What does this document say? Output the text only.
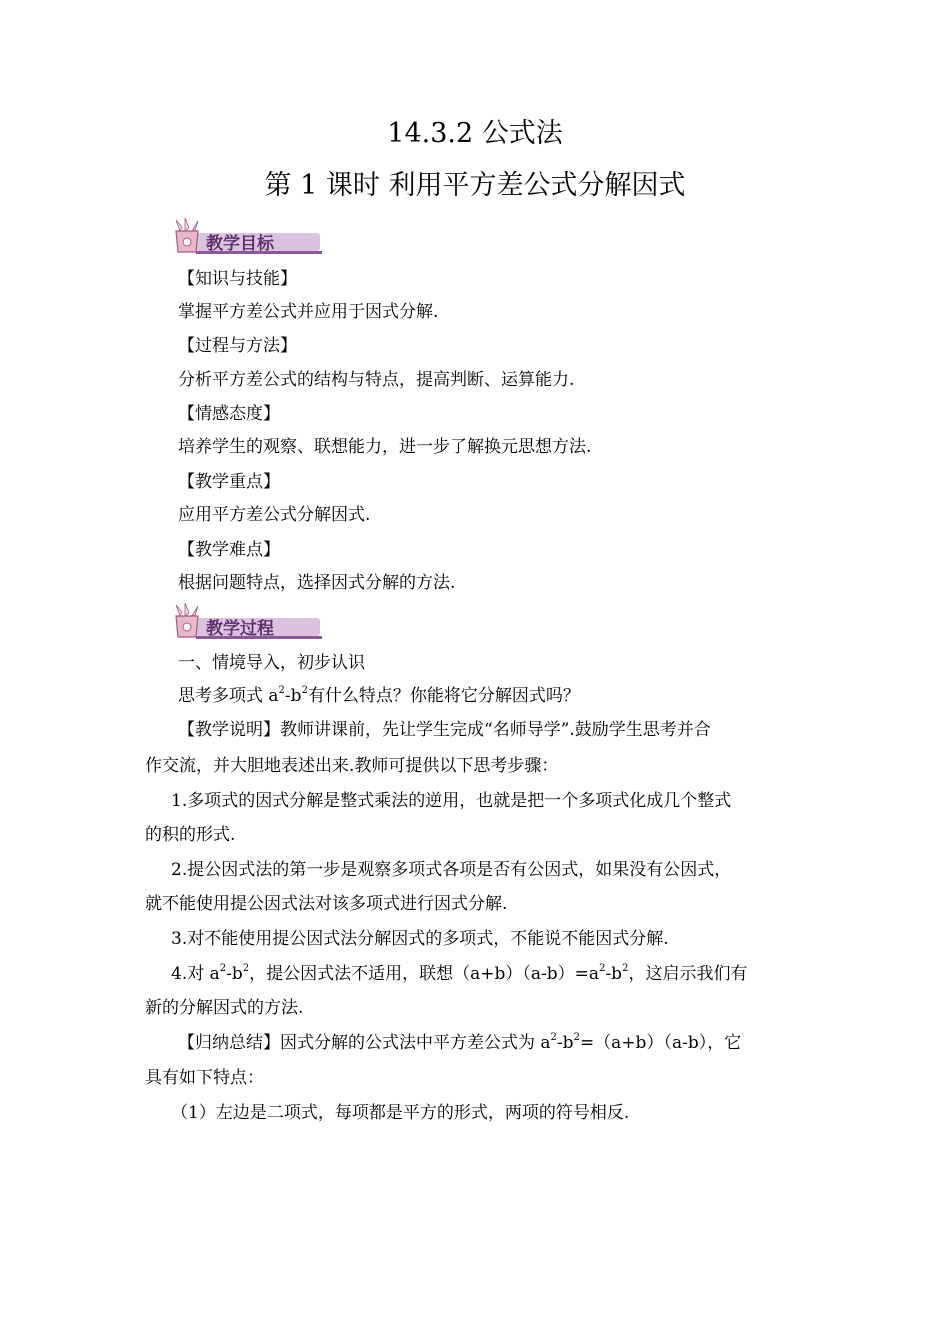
14.3.2 公式法
第 1 课时 利用平方差公式分解因式
教学目标
【知识与技能】
掌握平方差公式并应用于因式分解.
【过程与方法】
分析平方差公式的结构与特点，提高判断、运算能力.
【情感态度】
培养学生的观察、联想能力，进一步了解换元思想方法.
【教学重点】
应用平方差公式分解因式.
【教学难点】
根据问题特点，选择因式分解的方法.
教学过程
一、情境导入，初步认识
思考多项式 $a^2-b^2$有什么特点？你能将它分解因式吗？
【教学说明】教师讲课前，先让学生完成“名师导学”.鼓励学生思考并合
作交流，并大胆地表述出来.教师可提供以下思考步骤：
1.多项式的因式分解是整式乘法的逆用，也就是把一个多项式化成几个整式
的积的形式.
2.提公因式法的第一步是观察多项式各项是否有公因式，如果没有公因式，
就不能使用提公因式法对该多项式进行因式分解.
3.对不能使用提公因式法分解因式的多项式，不能说不能因式分解.
4.对 $a^2-b^2$，提公因式法不适用，联想$(a+b)(a-b)=a^2-b^2$，这启示我们有
新的分解因式的方法.
【归纳总结】因式分解的公式法中平方差公式为 $a^2-b^2=(a+b)(a-b)$，它
具有如下特点：
（1）左边是二项式，每项都是平方的形式，两项的符号相反.
